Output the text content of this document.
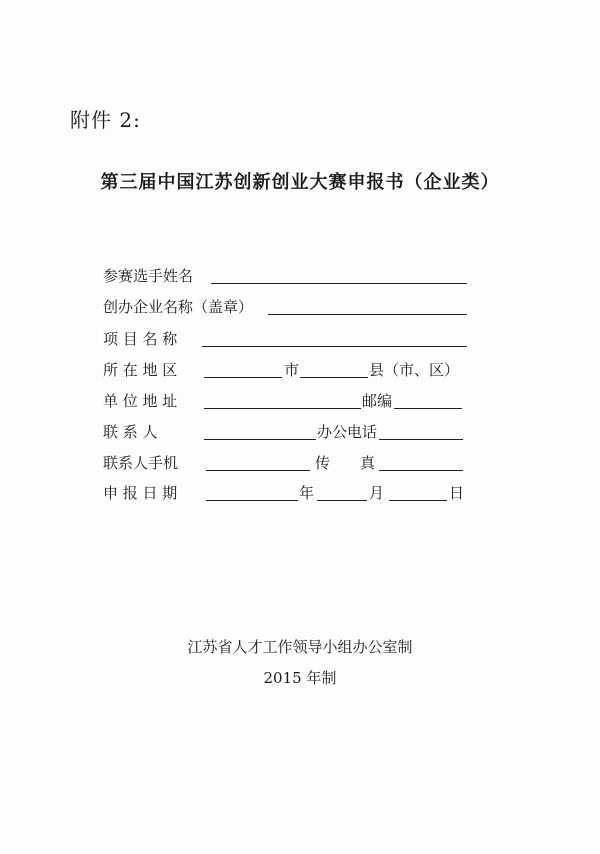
附件 2:
第三届中国江苏创新创业大赛申报书（企业类）
参赛选手姓名
创办企业名称（盖章）
项 目 名 称
所 在 地 区	市	县（市、区）
单 位 地 址	邮编
联 系 人	办公电话
联系人手机	传　　真
申 报 日 期	年	月	日
江苏省人才工作领导小组办公室制
2015 年制
